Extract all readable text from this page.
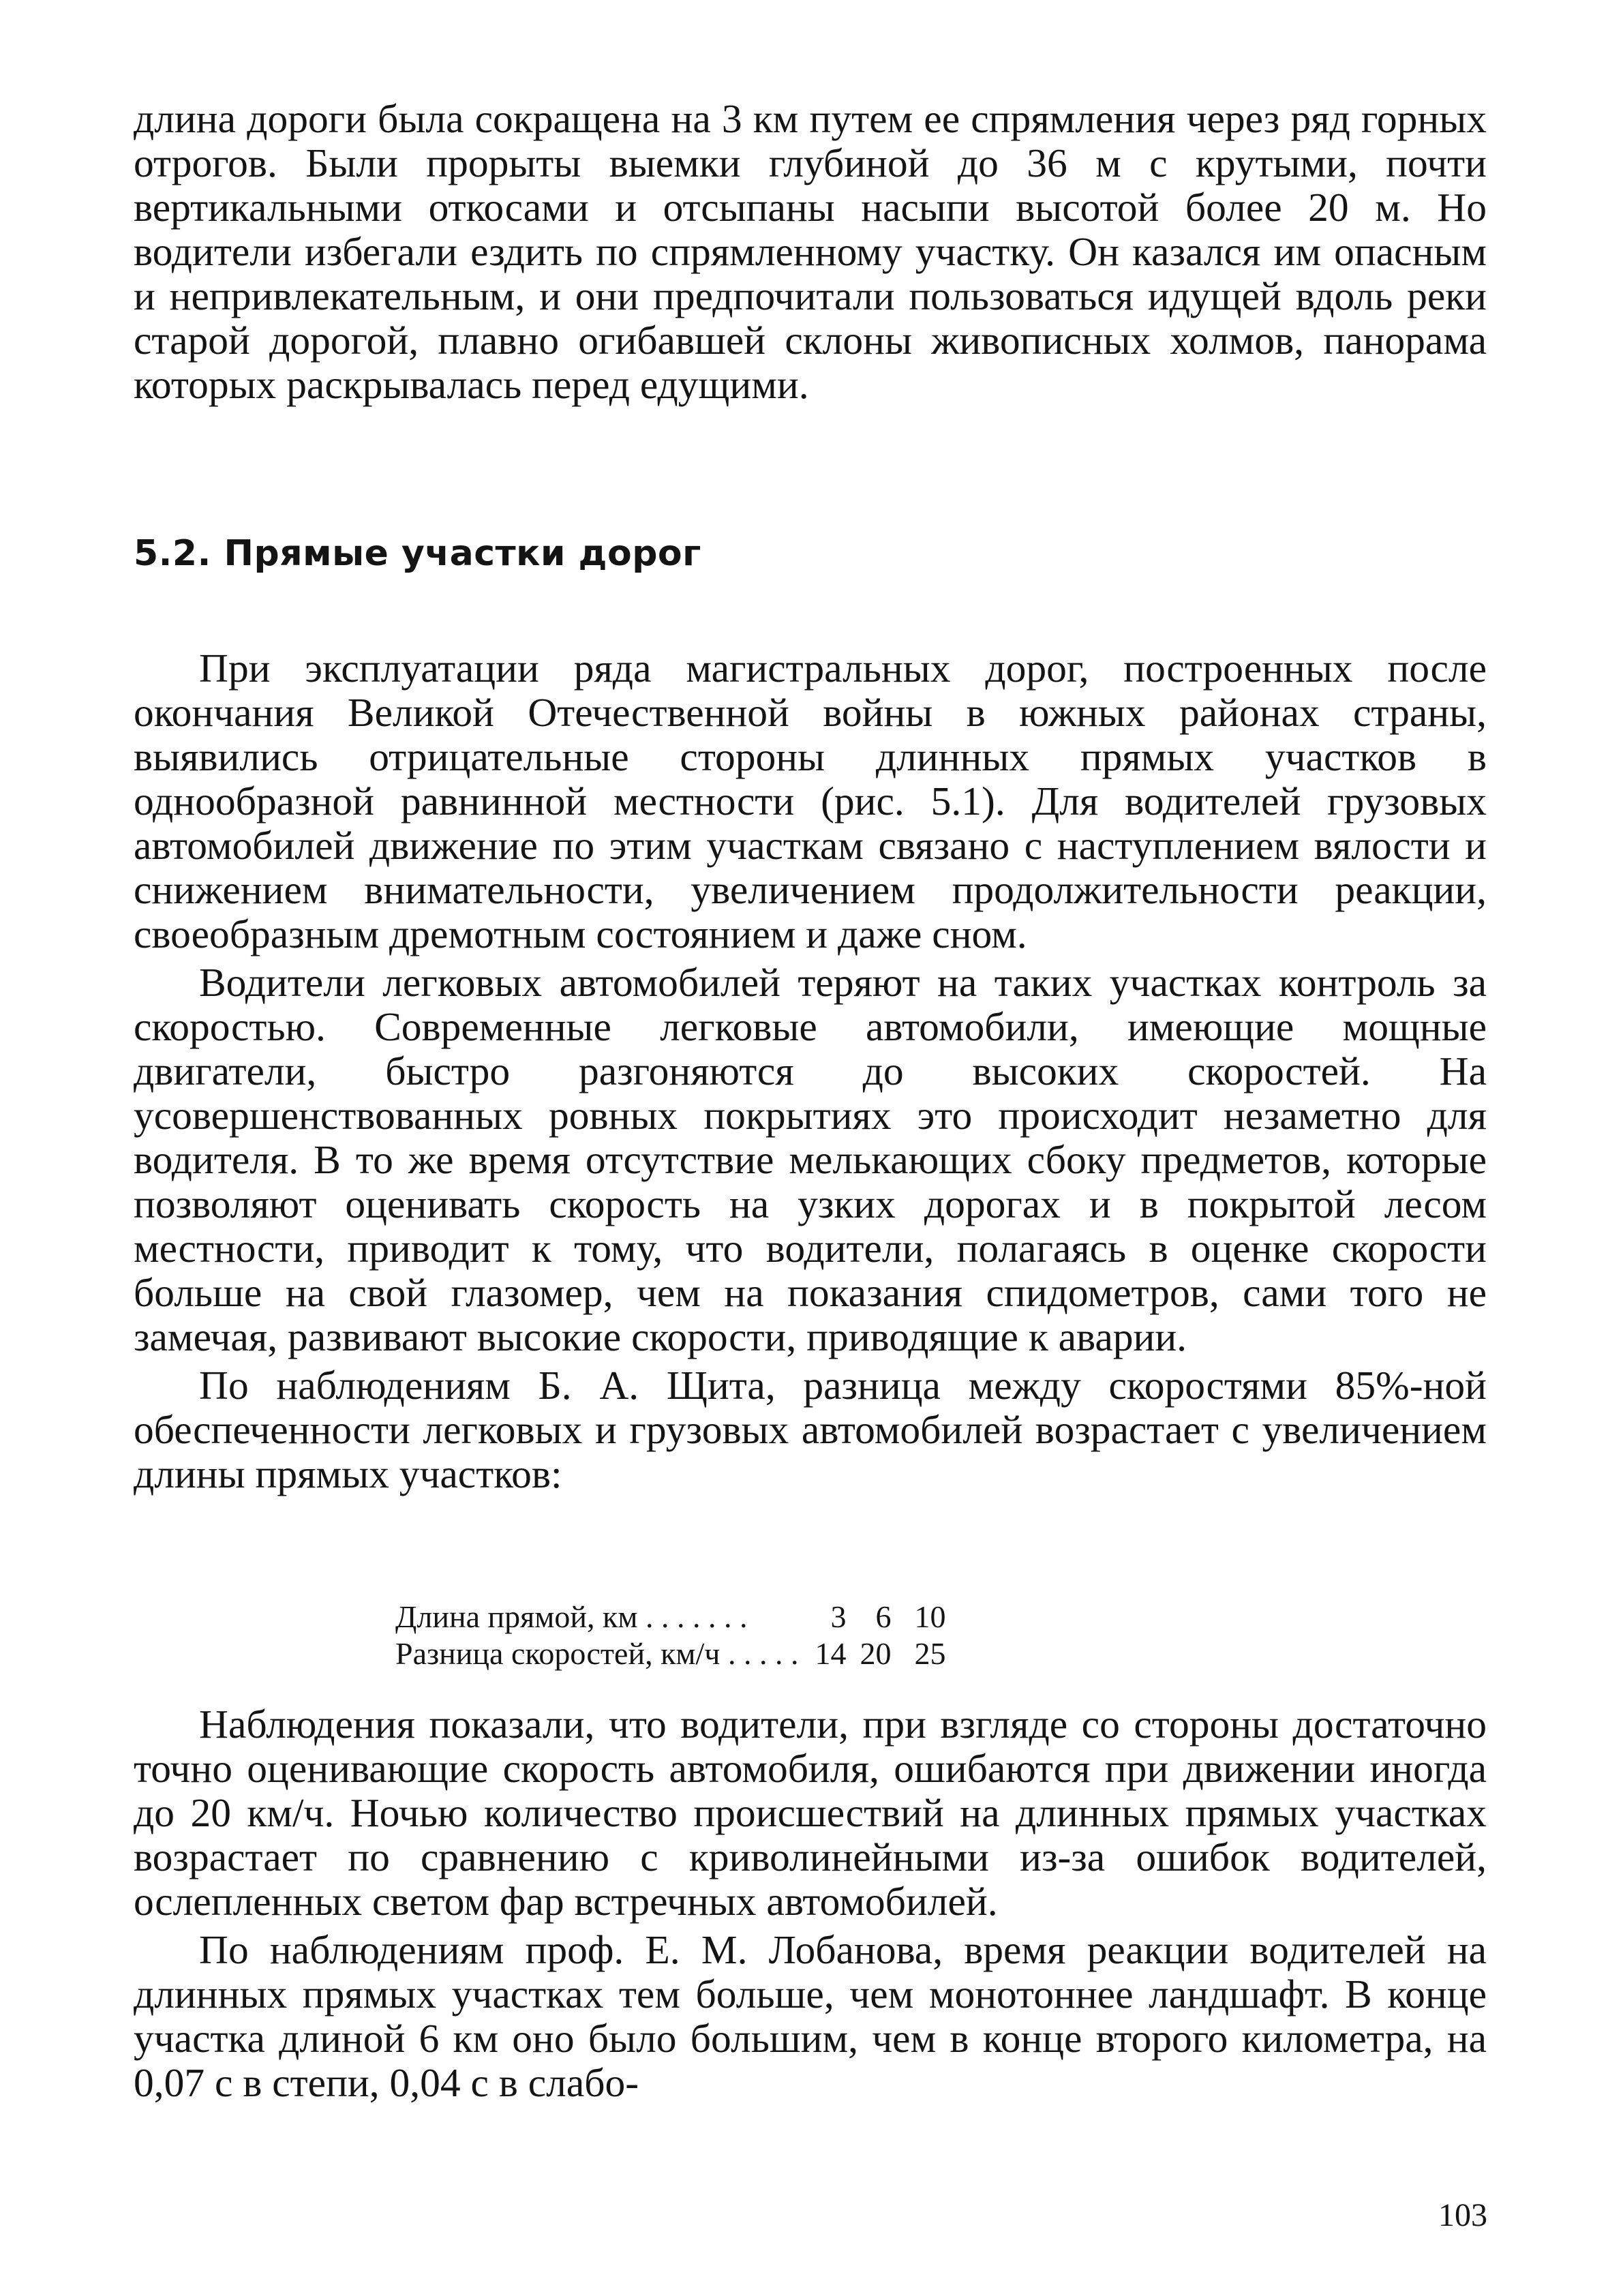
длина дороги была сокращена на 3 км путем ее спрямления через ряд горных отрогов. Были прорыты выемки глубиной до 36 м с крутыми, почти вертикальными откосами и отсыпаны насыпи высотой более 20 м. Но водители избегали ездить по спрямленному участку. Он казался им опасным и непривлекательным, и они предпочитали пользоваться идущей вдоль реки старой дорогой, плавно огибавшей склоны живописных холмов, панорама которых раскрывалась перед едущими.

5.2. Прямые участки дорог

При эксплуатации ряда магистральных дорог, построенных после окончания Великой Отечественной войны в южных районах страны, выявились отрицательные стороны длинных прямых участков в однообразной равнинной местности (рис. 5.1). Для водителей грузовых автомобилей движение по этим участкам связано с наступлением вялости и снижением внимательности, увеличением продолжительности реакции, своеобразным дремотным состоянием и даже сном.

Водители легковых автомобилей теряют на таких участках контроль за скоростью. Современные легковые автомобили, имеющие мощные двигатели, быстро разгоняются до высоких скоростей. На усовершенствованных ровных покрытиях это происходит незаметно для водителя. В то же время отсутствие мелькающих сбоку предметов, которые позволяют оценивать скорость на узких дорогах и в покрытой лесом местности, приводит к тому, что водители, полагаясь в оценке скорости больше на свой глазомер, чем на показания спидометров, сами того не замечая, развивают высокие скорости, приводящие к аварии.

По наблюдениям Б. А. Щита, разница между скоростями 85%-ной обеспеченности легковых и грузовых автомобилей возрастает с увеличением длины прямых участков:

Длина прямой, км . . . . . . .	3	6	10
Разница скоростей, км/ч . . . . .	14	20	25

Наблюдения показали, что водители, при взгляде со стороны достаточно точно оценивающие скорость автомобиля, ошибаются при движении иногда до 20 км/ч. Ночью количество происшествий на длинных прямых участках возрастает по сравнению с криволинейными из-за ошибок водителей, ослепленных светом фар встречных автомобилей.

По наблюдениям проф. Е. М. Лобанова, время реакции водителей на длинных прямых участках тем больше, чем монотоннее ландшафт. В конце участка длиной 6 км оно было большим, чем в конце второго километра, на 0,07 с в степи, 0,04 с в слабо-

103
